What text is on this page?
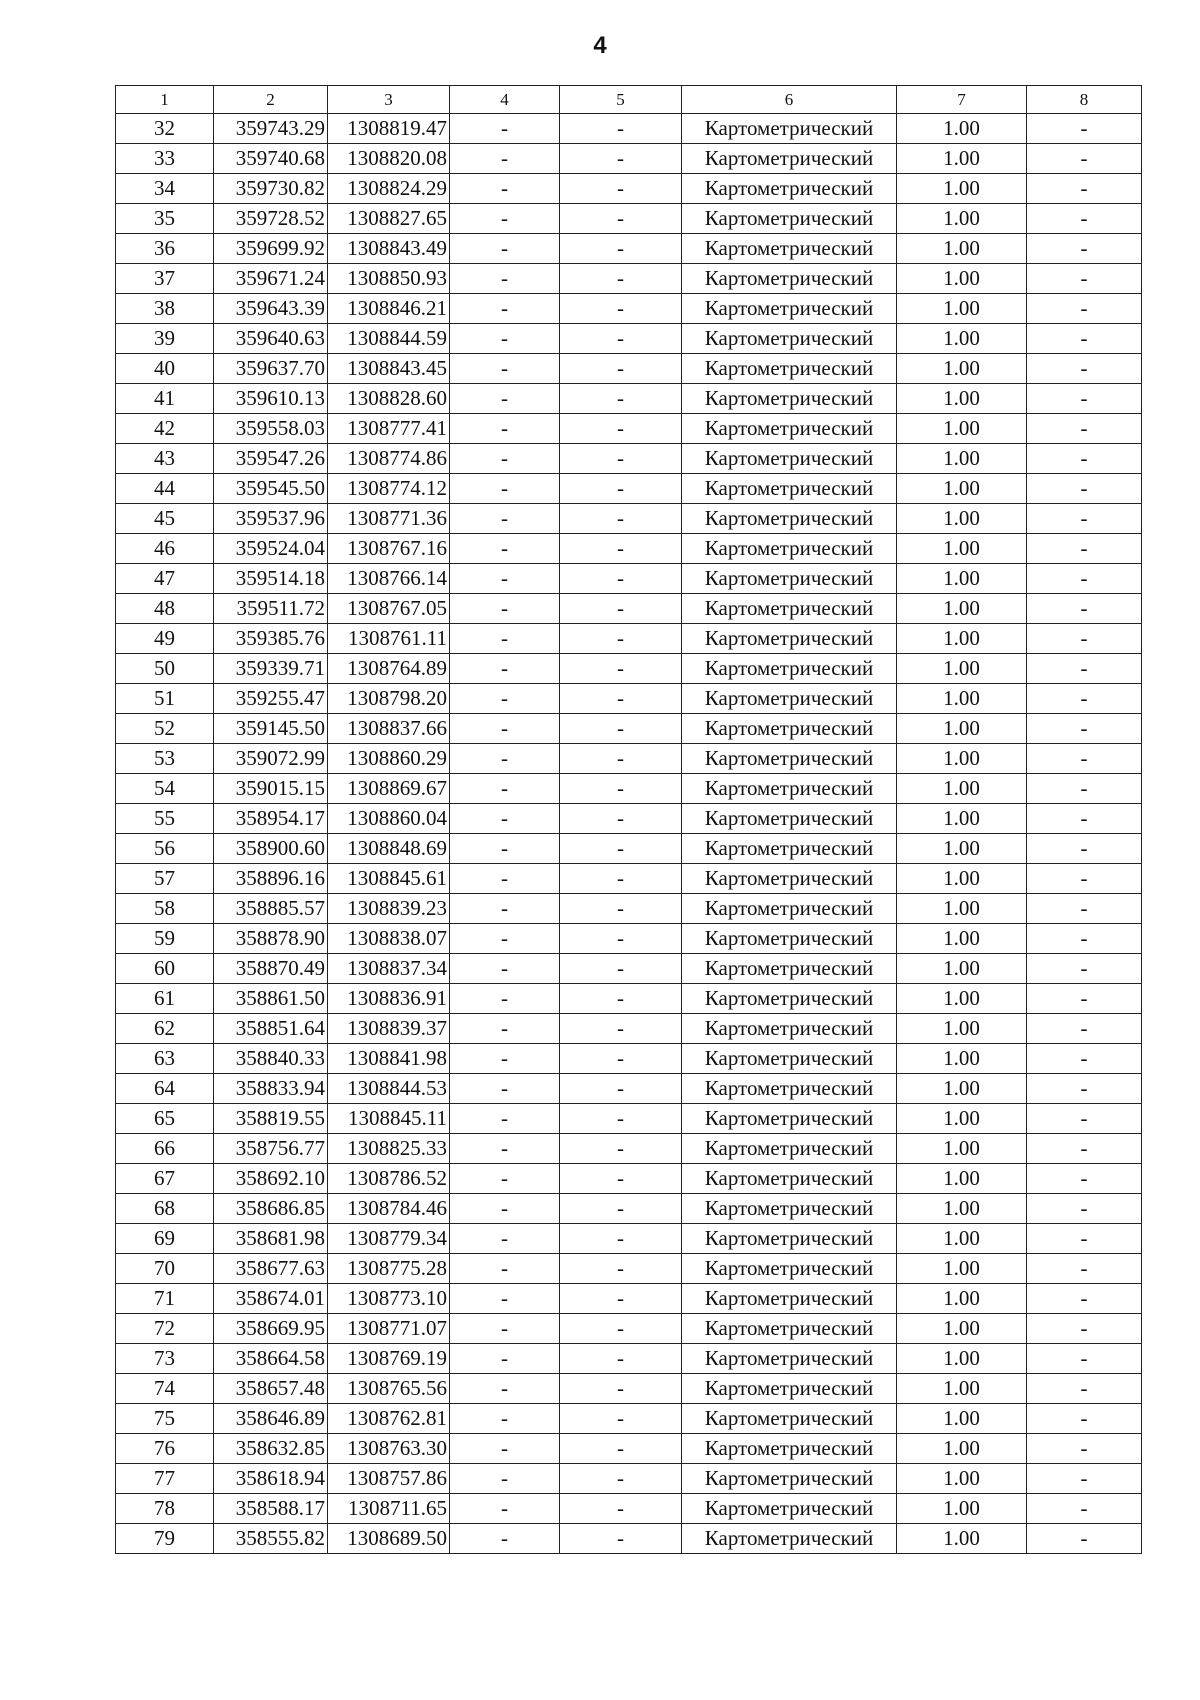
4
1	2	3	4	5	6	7	8
32	359743.29	1308819.47	-	-	Картометрический	1.00	-
33	359740.68	1308820.08	-	-	Картометрический	1.00	-
34	359730.82	1308824.29	-	-	Картометрический	1.00	-
35	359728.52	1308827.65	-	-	Картометрический	1.00	-
36	359699.92	1308843.49	-	-	Картометрический	1.00	-
37	359671.24	1308850.93	-	-	Картометрический	1.00	-
38	359643.39	1308846.21	-	-	Картометрический	1.00	-
39	359640.63	1308844.59	-	-	Картометрический	1.00	-
40	359637.70	1308843.45	-	-	Картометрический	1.00	-
41	359610.13	1308828.60	-	-	Картометрический	1.00	-
42	359558.03	1308777.41	-	-	Картометрический	1.00	-
43	359547.26	1308774.86	-	-	Картометрический	1.00	-
44	359545.50	1308774.12	-	-	Картометрический	1.00	-
45	359537.96	1308771.36	-	-	Картометрический	1.00	-
46	359524.04	1308767.16	-	-	Картометрический	1.00	-
47	359514.18	1308766.14	-	-	Картометрический	1.00	-
48	359511.72	1308767.05	-	-	Картометрический	1.00	-
49	359385.76	1308761.11	-	-	Картометрический	1.00	-
50	359339.71	1308764.89	-	-	Картометрический	1.00	-
51	359255.47	1308798.20	-	-	Картометрический	1.00	-
52	359145.50	1308837.66	-	-	Картометрический	1.00	-
53	359072.99	1308860.29	-	-	Картометрический	1.00	-
54	359015.15	1308869.67	-	-	Картометрический	1.00	-
55	358954.17	1308860.04	-	-	Картометрический	1.00	-
56	358900.60	1308848.69	-	-	Картометрический	1.00	-
57	358896.16	1308845.61	-	-	Картометрический	1.00	-
58	358885.57	1308839.23	-	-	Картометрический	1.00	-
59	358878.90	1308838.07	-	-	Картометрический	1.00	-
60	358870.49	1308837.34	-	-	Картометрический	1.00	-
61	358861.50	1308836.91	-	-	Картометрический	1.00	-
62	358851.64	1308839.37	-	-	Картометрический	1.00	-
63	358840.33	1308841.98	-	-	Картометрический	1.00	-
64	358833.94	1308844.53	-	-	Картометрический	1.00	-
65	358819.55	1308845.11	-	-	Картометрический	1.00	-
66	358756.77	1308825.33	-	-	Картометрический	1.00	-
67	358692.10	1308786.52	-	-	Картометрический	1.00	-
68	358686.85	1308784.46	-	-	Картометрический	1.00	-
69	358681.98	1308779.34	-	-	Картометрический	1.00	-
70	358677.63	1308775.28	-	-	Картометрический	1.00	-
71	358674.01	1308773.10	-	-	Картометрический	1.00	-
72	358669.95	1308771.07	-	-	Картометрический	1.00	-
73	358664.58	1308769.19	-	-	Картометрический	1.00	-
74	358657.48	1308765.56	-	-	Картометрический	1.00	-
75	358646.89	1308762.81	-	-	Картометрический	1.00	-
76	358632.85	1308763.30	-	-	Картометрический	1.00	-
77	358618.94	1308757.86	-	-	Картометрический	1.00	-
78	358588.17	1308711.65	-	-	Картометрический	1.00	-
79	358555.82	1308689.50	-	-	Картометрический	1.00	-
